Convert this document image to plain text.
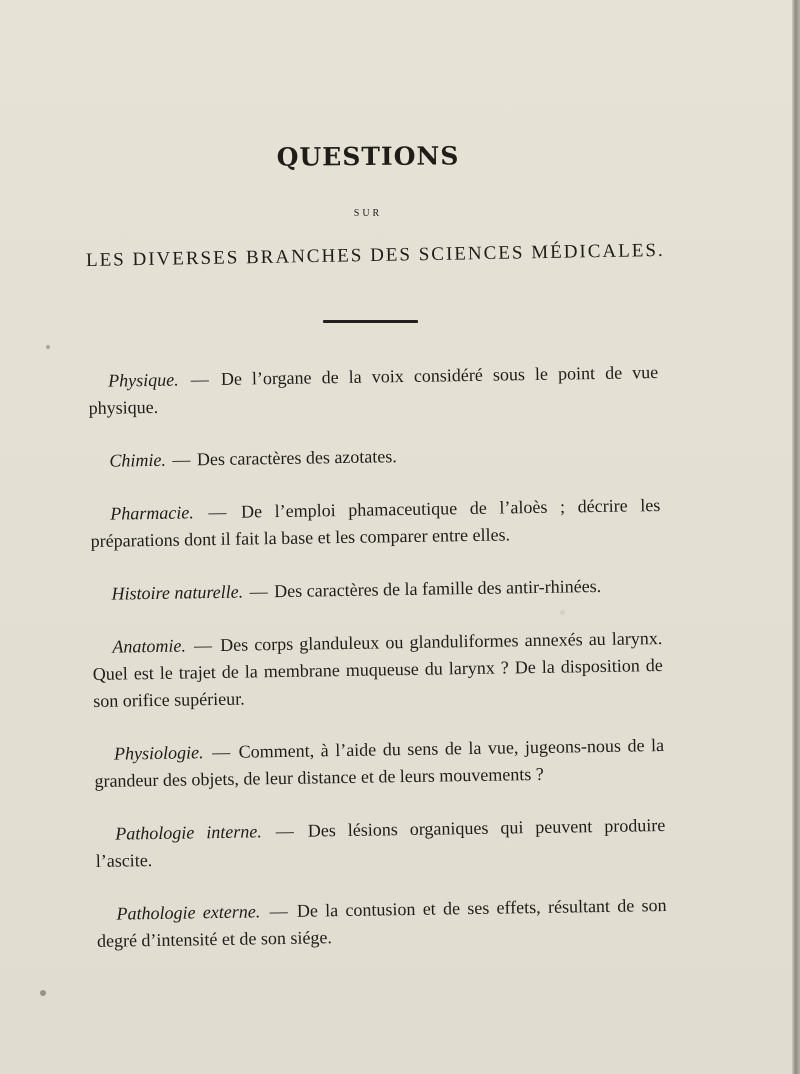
QUESTIONS
SUR
LES DIVERSES BRANCHES DES SCIENCES MÉDICALES.

Physique. — De l’organe de la voix considéré sous le point de vue physique.

Chimie. — Des caractères des azotates.

Pharmacie. — De l’emploi phamaceutique de l’aloès ; décrire les préparations dont il fait la base et les comparer entre elles.

Histoire naturelle. — Des caractères de la famille des antir-rhinées.

Anatomie. — Des corps glanduleux ou glanduliformes annexés au larynx. Quel est le trajet de la membrane muqueuse du larynx ? De la disposition de son orifice supérieur.

Physiologie. — Comment, à l’aide du sens de la vue, jugeons-nous de la grandeur des objets, de leur distance et de leurs mouvements ?

Pathologie interne. — Des lésions organiques qui peuvent produire l’ascite.

Pathologie externe. — De la contusion et de ses effets, résultant de son degré d’intensité et de son siége.
